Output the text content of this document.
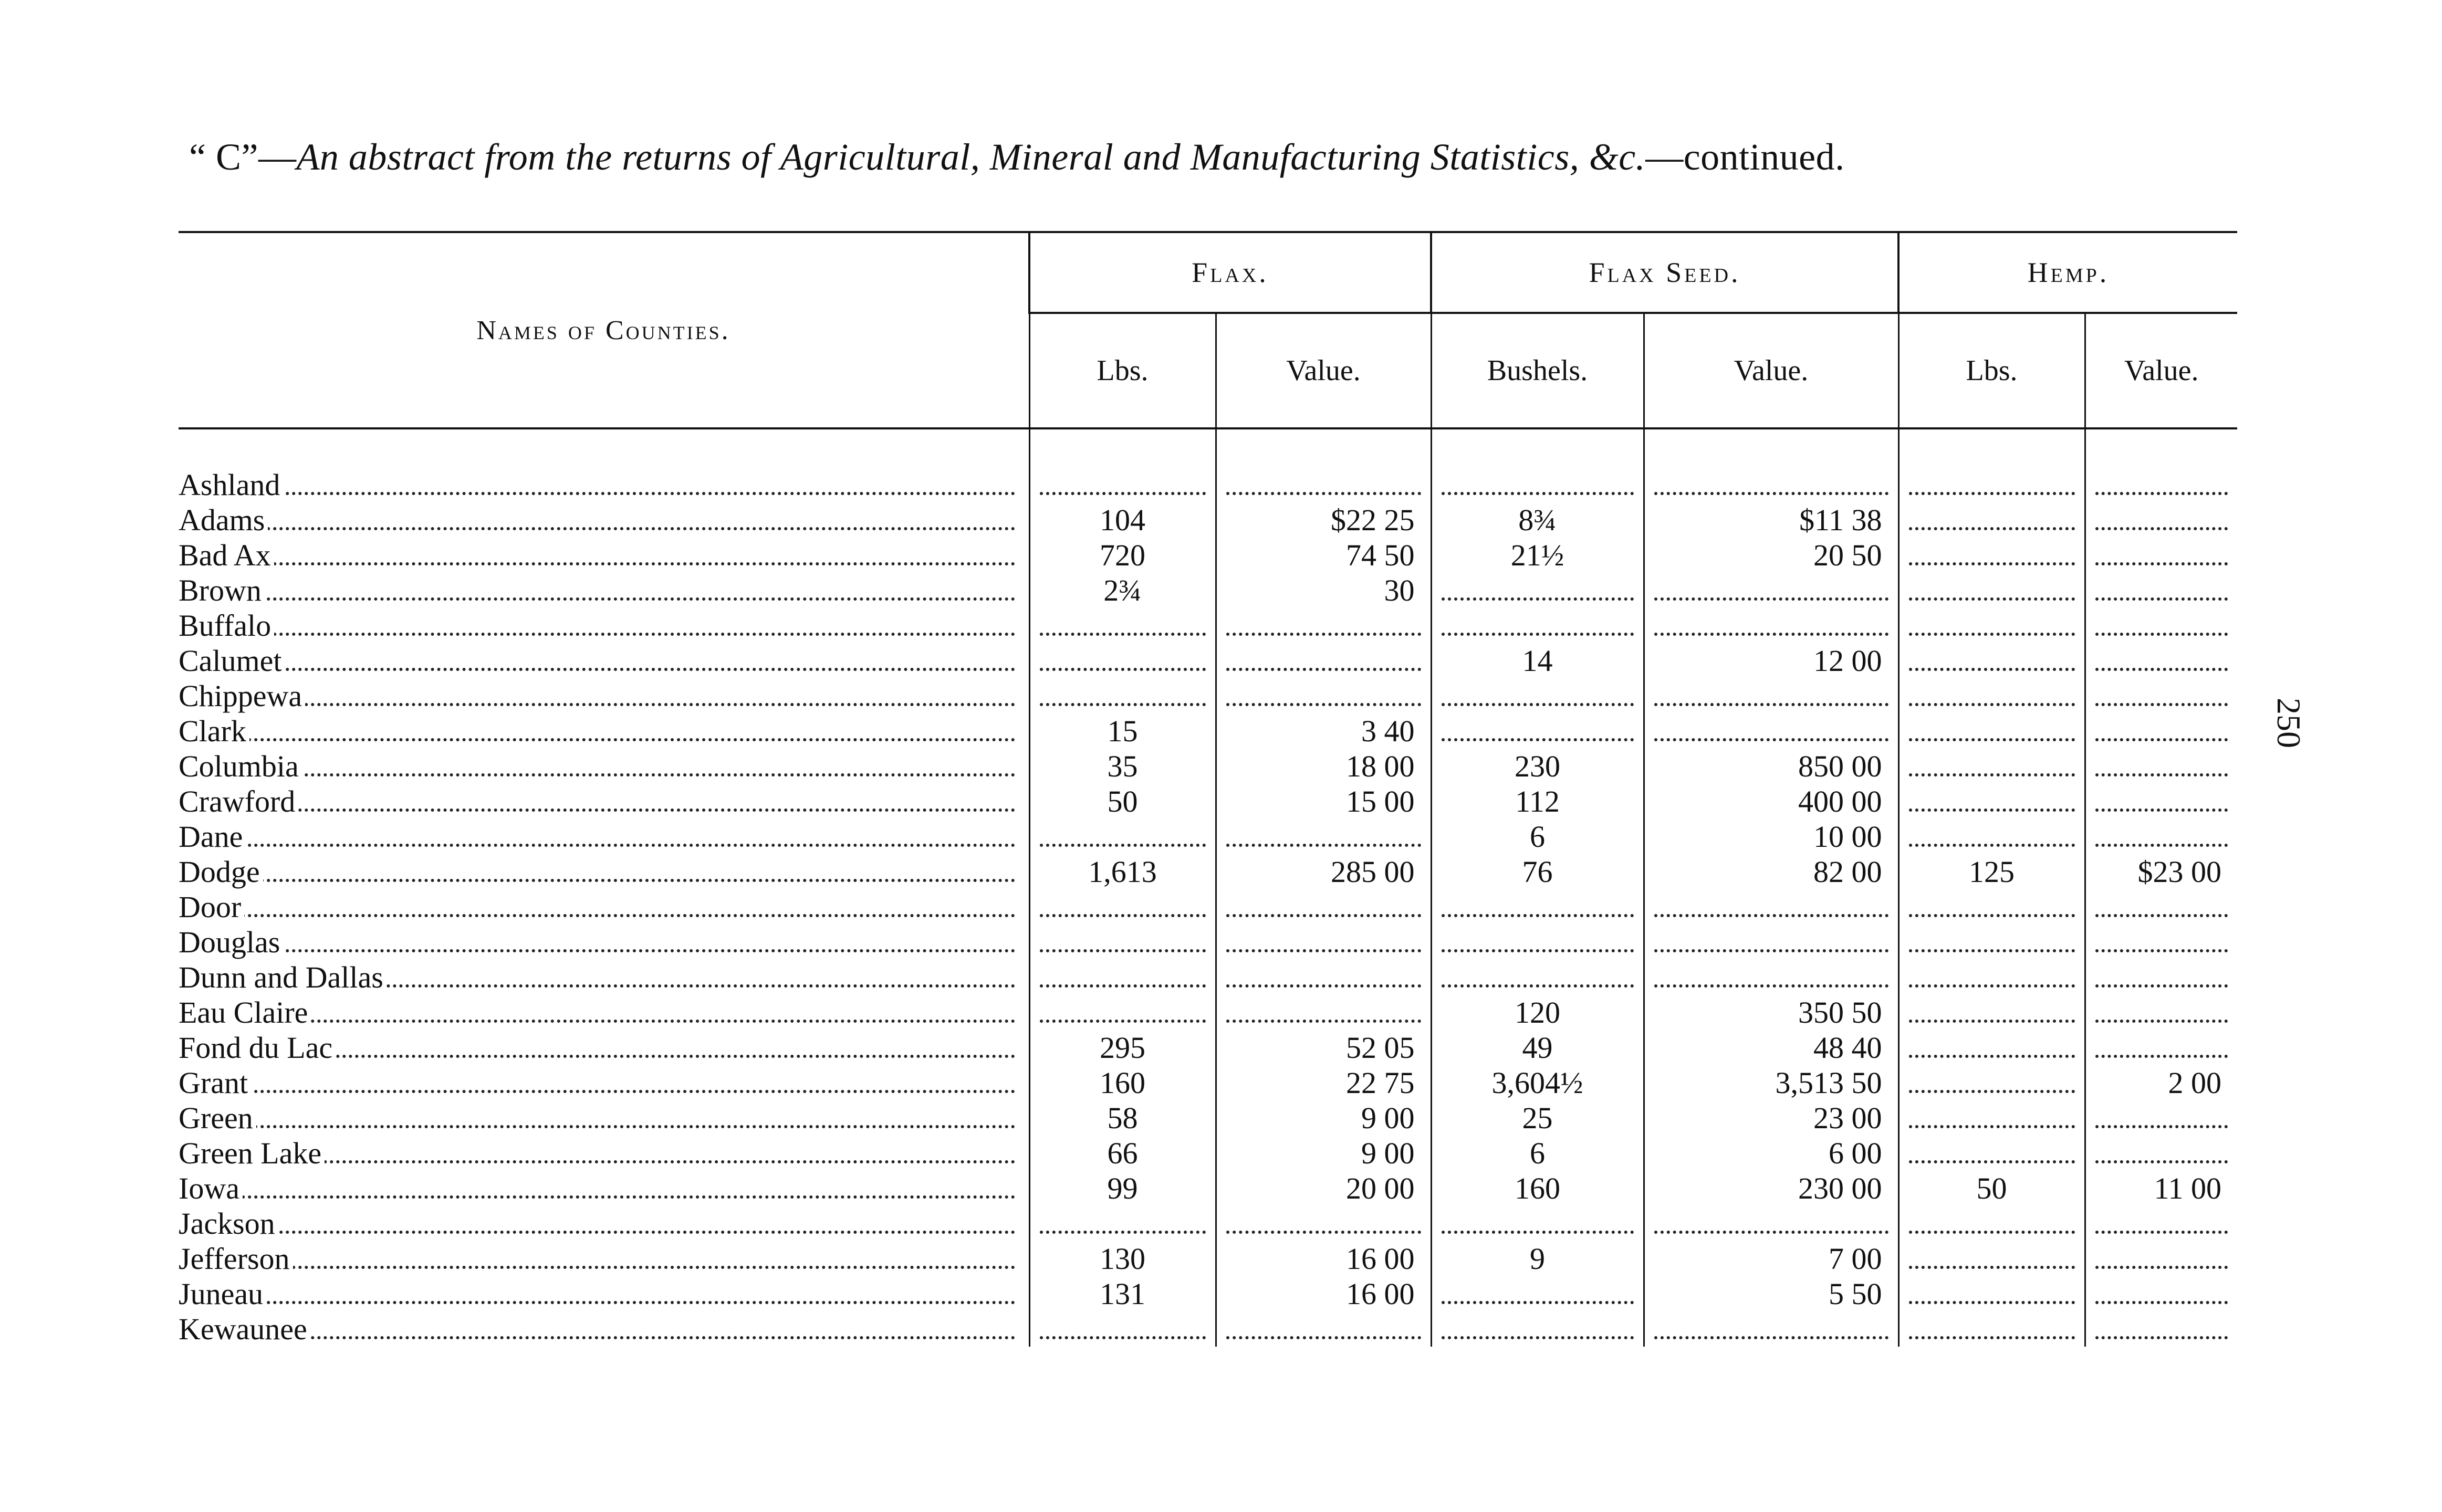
“ C”—An abstract from the returns of Agricultural, Mineral and Manufacturing Statistics, &c.—continued.
250
Names of Counties.	Flax.		Flax Seed.		Hemp.	
	Lbs.	Value.	Bushels.	Value.	Lbs.	Value.

Ashland	

Adams	104	$22 25	8¾	$11 38	

Bad Ax	720	74 50	21½	20 50	

Brown	2¾	30	

Buffalo	

Calumet			14	12 00	

Chippewa	

Clark	15	3 40	

Columbia	35	18 00	230	850 00	

Crawford	50	15 00	112	400 00	

Dane			6	10 00	

Dodge	1,613	285 00	76	82 00	125	$23 00

Door	

Douglas	

Dunn and Dallas	

Eau Claire			120	350 50	

Fond du Lac	295	52 05	49	48 40	

Grant	160	22 75	3,604½	3,513 50		2 00

Green	58	9 00	25	23 00	

Green Lake	66	9 00	6	6 00	

Iowa	99	20 00	160	230 00	50	11 00

Jackson	

Jefferson	130	16 00	9	7 00	

Juneau	131	16 00		5 50	

Kewaunee	
